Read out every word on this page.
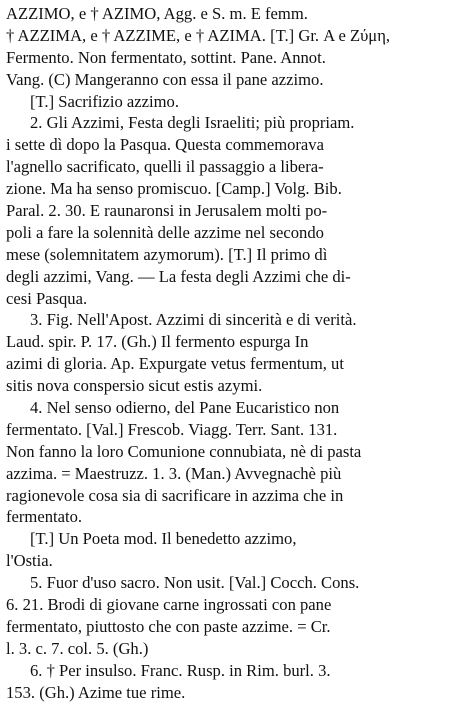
AZZIMO, e † AZIMO, Agg. e S. m. E femm.
† AZZIMA, e † AZZIME, e † AZIMA. [T.] Gr. Α e Ζύμη,
Fermento. Non fermentato, sottint. Pane. Annot.
Vang. (C) Mangeranno con essa il pane azzimo.
[T.] Sacrifizio azzimo.
2. Gli Azzimi, Festa degli Israeliti; più propriam.
i sette dì dopo la Pasqua. Questa commemorava
l'agnello sacrificato, quelli il passaggio a libera-
zione. Ma ha senso promiscuo. [Camp.] Volg. Bib.
Paral. 2. 30. E raunaronsi in Jerusalem molti po-
poli a fare la solennità delle azzime nel secondo
mese (solemnitatem azymorum). [T.] Il primo dì
degli azzimi, Vang. — La festa degli Azzimi che di-
cesi Pasqua.
3. Fig. Nell'Apost. Azzimi di sincerità e di verità.
Laud. spir. P. 17. (Gh.) Il fermento espurga In
azimi di gloria. Ap. Expurgate vetus fermentum, ut
sitis nova conspersio sicut estis azymi.
4. Nel senso odierno, del Pane Eucaristico non
fermentato. [Val.] Frescob. Viagg. Terr. Sant. 131.
Non fanno la loro Comunione connubiata, nè di pasta
azzima. = Maestruzz. 1. 3. (Man.) Avvegnachè più
ragionevole cosa sia di sacrificare in azzima che in
fermentato.
[T.] Un Poeta mod. Il benedetto azzimo,
l'Ostia.
5. Fuor d'uso sacro. Non usit. [Val.] Cocch. Cons.
6. 21. Brodi di giovane carne ingrossati con pane
fermentato, piuttosto che con paste azzime. = Cr.
l. 3. c. 7. col. 5. (Gh.)
6. † Per insulso. Franc. Rusp. in Rim. burl. 3.
153. (Gh.) Azime tue rime.
